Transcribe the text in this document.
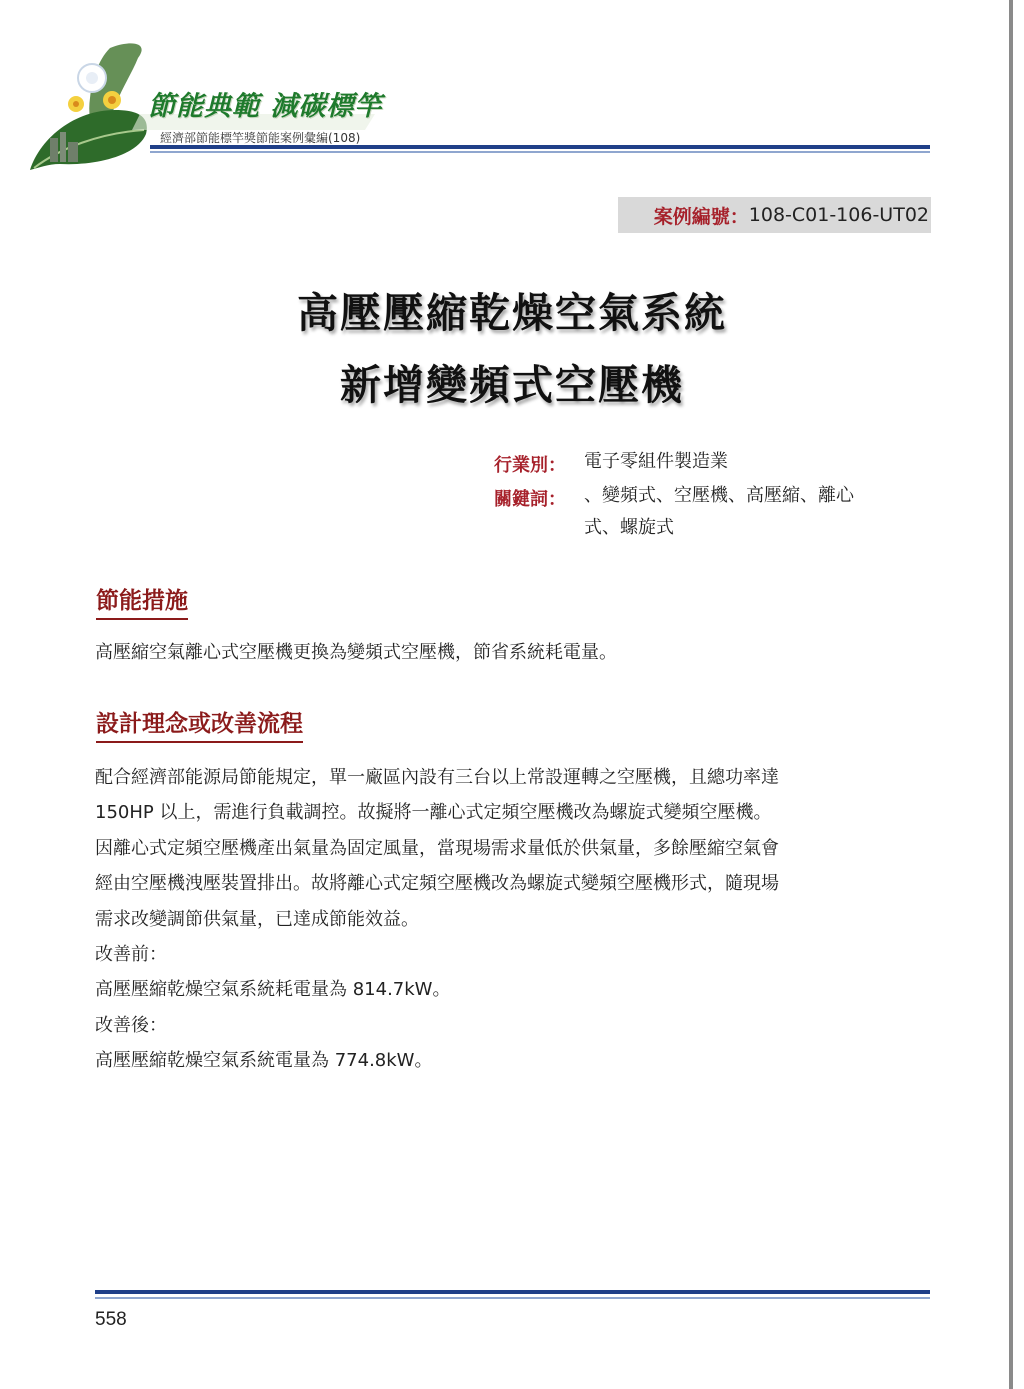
節能典範 減碳標竿
經濟部節能標竿獎節能案例彙編(108)
案例編號： 108-C01-106-UT02
高壓壓縮乾燥空氣系統
新增變頻式空壓機
行業別： 電子零組件製造業
關鍵詞： 、變頻式、空壓機、高壓縮、離心
式、螺旋式
節能措施
高壓縮空氣離心式空壓機更換為變頻式空壓機，節省系統耗電量。
設計理念或改善流程
配合經濟部能源局節能規定，單一廠區內設有三台以上常設運轉之空壓機，且總功率達
150HP 以上，需進行負載調控。故擬將一離心式定頻空壓機改為螺旋式變頻空壓機。
因離心式定頻空壓機產出氣量為固定風量，當現場需求量低於供氣量，多餘壓縮空氣會
經由空壓機洩壓裝置排出。故將離心式定頻空壓機改為螺旋式變頻空壓機形式，隨現場
需求改變調節供氣量，已達成節能效益。
改善前：
高壓壓縮乾燥空氣系統耗電量為 814.7kW。
改善後：
高壓壓縮乾燥空氣系統電量為 774.8kW。
558
